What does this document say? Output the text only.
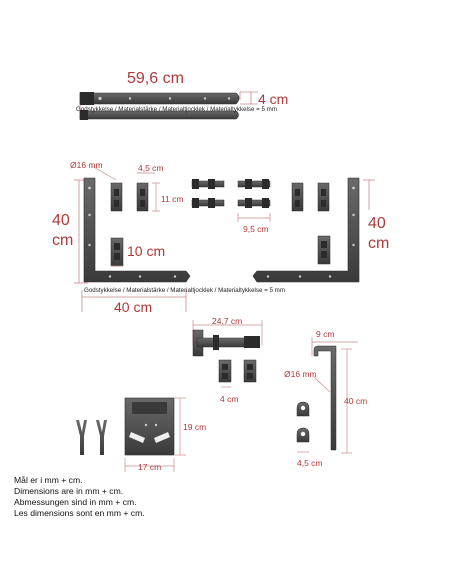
59,6 cm
4 cm
Godstykkelse / Materialstärke / Materialtjocklek / Materialtykkelse = 5 mm
Ø16 mm	4,5 cm
11 cm
40
cm
40
cm
10 cm
9,5 cm
Godstykkelse / Materialstärke / Materialtjocklek / Materialtykkelse = 5 mm
40 cm
24,7 cm
4 cm
9 cm
Ø16 mm
40 cm
4,5 cm
19 cm
17 cm
Mål er i mm + cm.
Dimensions are in mm + cm.
Abmessungen sind in mm + cm.
Les dimensions sont en mm + cm.
